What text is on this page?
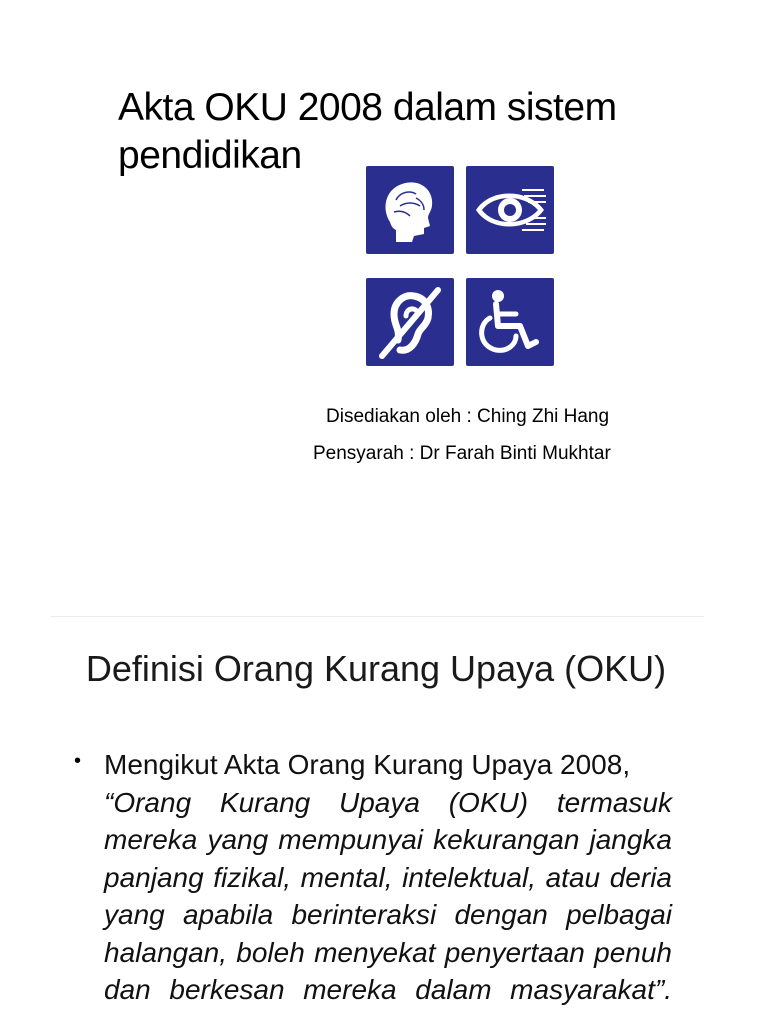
Akta OKU 2008 dalam sistem pendidikan
Disediakan oleh : Ching Zhi Hang
Pensyarah : Dr Farah Binti Mukhtar
Definisi Orang Kurang Upaya (OKU)
• Mengikut Akta Orang Kurang Upaya 2008,
“Orang Kurang Upaya (OKU) termasuk mereka yang mempunyai kekurangan jangka panjang fizikal, mental, intelektual, atau deria yang apabila berinteraksi dengan pelbagai halangan, boleh menyekat penyertaan penuh dan berkesan mereka dalam masyarakat”.
